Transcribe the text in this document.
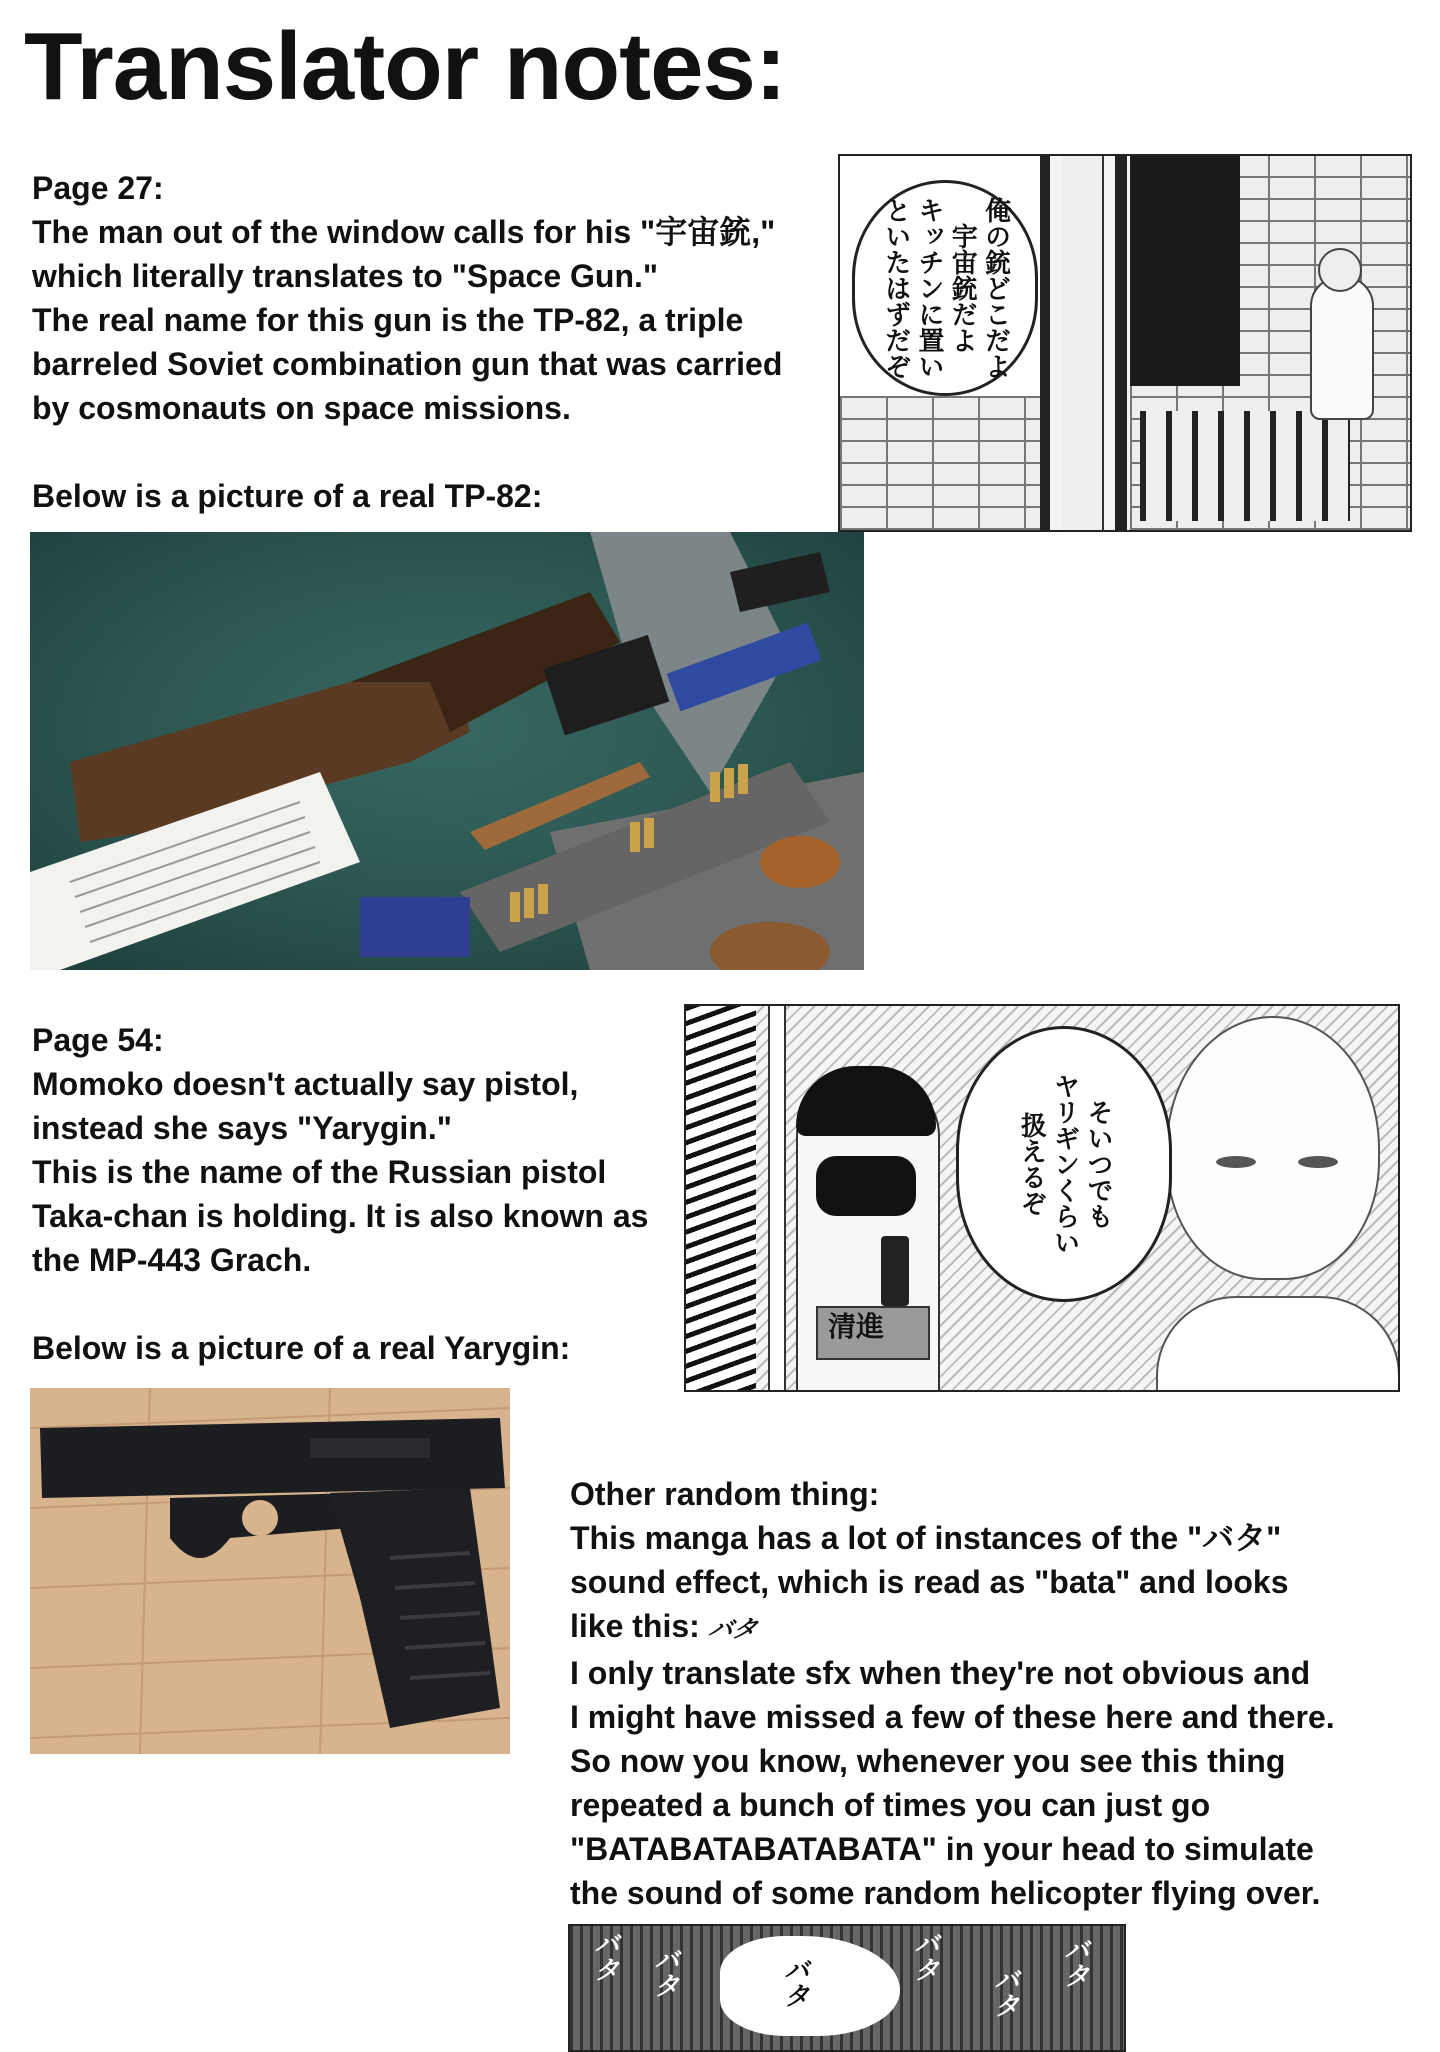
Translator notes:

Page 27:

The man out of the window calls for his "宇宙銃,"

which literally translates to "Space Gun."

The real name for this gun is the TP-82, a triple

barreled Soviet combination gun that was carried

by cosmonauts on space missions.

Below is a picture of a real TP-82:

俺の銃どこだよ
宇宙銃だよ
キッチンに置い
といたはずだぞ

Page 54:

Momoko doesn't actually say pistol,

instead she says "Yarygin."

This is the name of the Russian pistol

Taka-chan is holding. It is also known as

the MP-443 Grach.

Below is a picture of a real Yarygin:

清進
そいつでも
ヤリギンくらい
扱えるぞ

Other random thing:

This manga has a lot of instances of the "バタ"

sound effect, which is read as "bata" and looks

like this: バタ

I only translate sfx when they're not obvious and

I might have missed a few of these here and there.

So now you know, whenever you see this thing

repeated a bunch of times you can just go

"BATABATABATABATA" in your head to simulate

the sound of some random helicopter flying over.

バタ バタ	バタ	バタ
バタ
バタ
